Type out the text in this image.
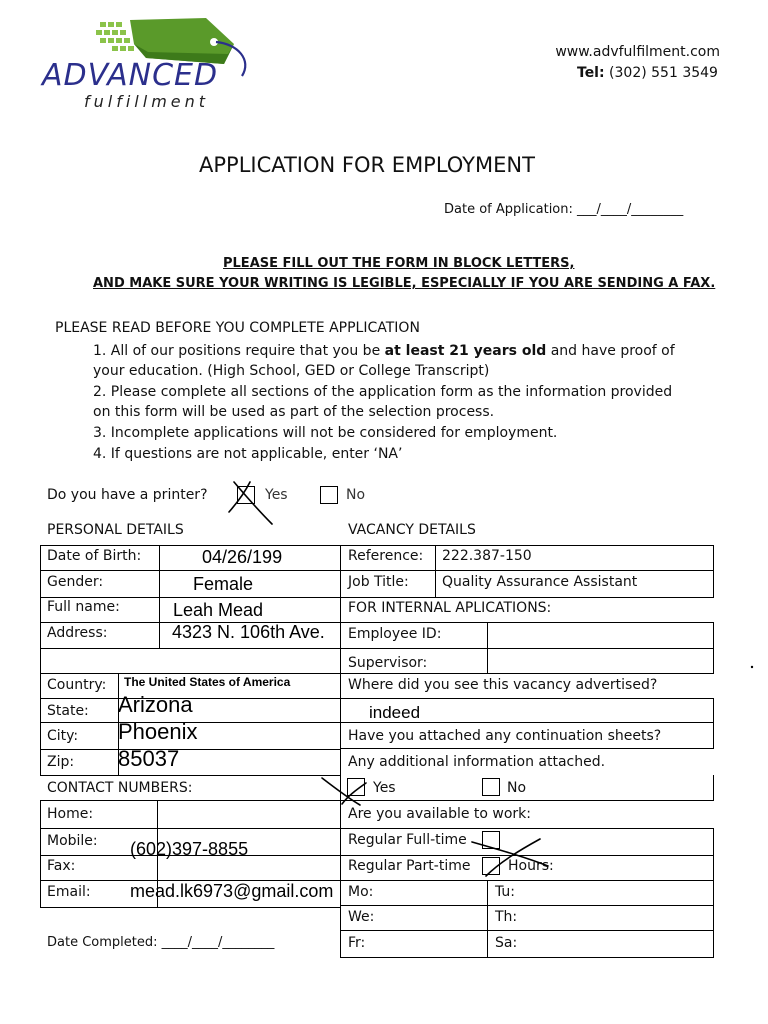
ADVANCED
fulfillment
www.advfulfilment.com
Tel: (302) 551 3549
APPLICATION FOR EMPLOYMENT
Date of Application: ___/____/________
PLEASE FILL OUT THE FORM IN BLOCK LETTERS,
AND MAKE SURE YOUR WRITING IS LEGIBLE, ESPECIALLY IF YOU ARE SENDING A FAX.
PLEASE READ BEFORE YOU COMPLETE APPLICATION
1. All of our positions require that you be at least 21 years old and have proof of
your education. (High School, GED or College Transcript)
2. Please complete all sections of the application form as the information provided
on this form will be used as part of the selection process.
3. Incomplete applications will not be considered for employment.
4. If questions are not applicable, enter ‘NA’
Do you have a printer?	Yes	No
PERSONAL DETAILS	VACANCY DETAILS
Date of Birth:	04/26/199
Gender:	Female
Full name:	Leah Mead
Address:	4323 N. 106th Ave.
Country: The United States of America
State: Arizona
City: Phoenix
Zip: 85037
CONTACT NUMBERS:
Home:
Mobile: (602)397-8855
Fax:
Email: mead.lk6973@gmail.com
Date Completed: ____/____/________
Reference: 222.387-150
Job Title: Quality Assurance Assistant
FOR INTERNAL APLICATIONS:
Employee ID:
Supervisor:
Where did you see this vacancy advertised?
indeed
Have you attached any continuation sheets?
Any additional information attached.
Yes	No
Are you available to work:
Regular Full-time
Regular Part-time	Hours:
Mo:	Tu:
We:	Th:
Fr:	Sa:
